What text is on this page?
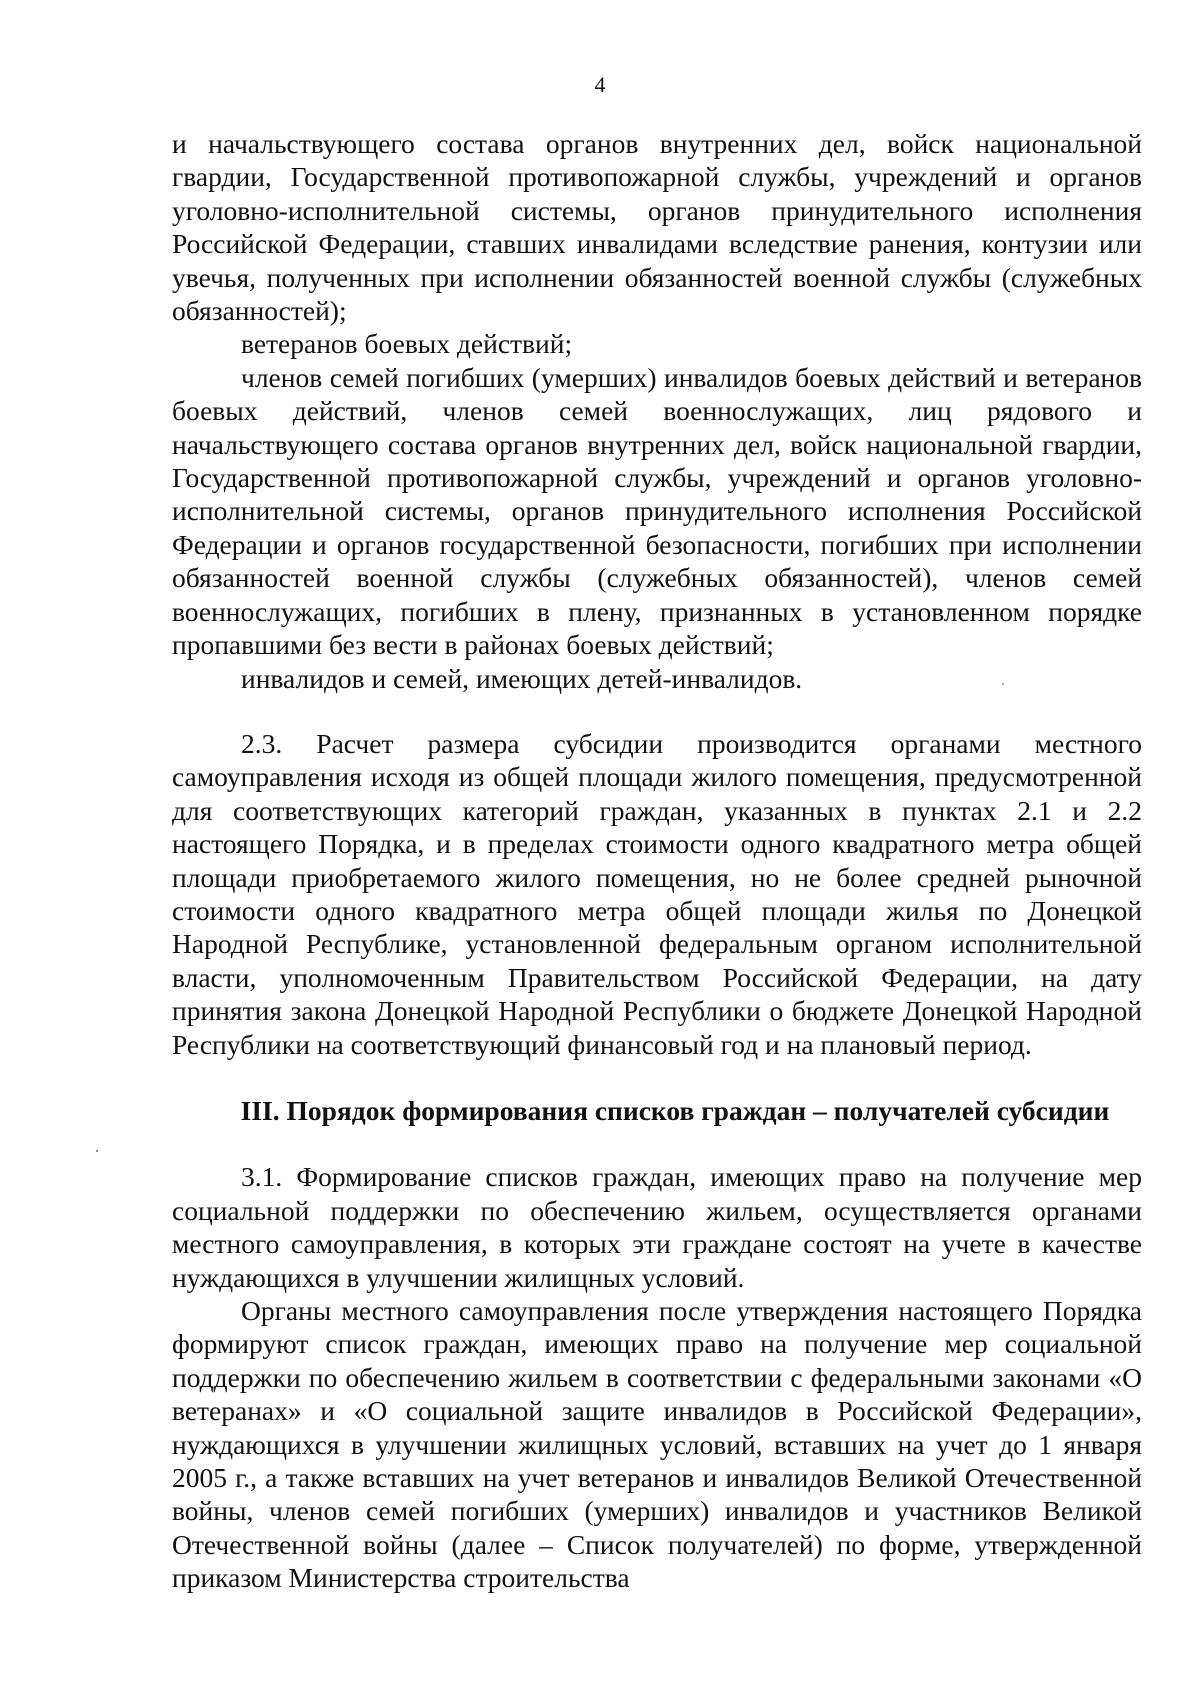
4

и начальствующего состава органов внутренних дел, войск национальной гвардии, Государственной противопожарной службы, учреждений и органов уголовно-исполнительной системы, органов принудительного исполнения Российской Федерации, ставших инвалидами вследствие ранения, контузии или увечья, полученных при исполнении обязанностей военной службы (служебных обязанностей);

ветеранов боевых действий;

членов семей погибших (умерших) инвалидов боевых действий и ветеранов боевых действий, членов семей военнослужащих, лиц рядового и начальствующего состава органов внутренних дел, войск национальной гвардии, Государственной противопожарной службы, учреждений и органов уголовно-исполнительной системы, органов принудительного исполнения Российской Федерации и органов государственной безопасности, погибших при исполнении обязанностей военной службы (служебных обязанностей), членов семей военнослужащих, погибших в плену, признанных в установленном порядке пропавшими без вести в районах боевых действий;

инвалидов и семей, имеющих детей-инвалидов.

2.3. Расчет размера субсидии производится органами местного самоуправления исходя из общей площади жилого помещения, предусмотренной для соответствующих категорий граждан, указанных в пунктах 2.1 и 2.2 настоящего Порядка, и в пределах стоимости одного квадратного метра общей площади приобретаемого жилого помещения, но не более средней рыночной стоимости одного квадратного метра общей площади жилья по Донецкой Народной Республике, установленной федеральным органом исполнительной власти, уполномоченным Правительством Российской Федерации, на дату принятия закона Донецкой Народной Республики о бюджете Донецкой Народной Республики на соответствующий финансовый год и на плановый период.

III. Порядок формирования списков граждан – получателей субсидии

3.1. Формирование списков граждан, имеющих право на получение мер социальной поддержки по обеспечению жильем, осуществляется органами местного самоуправления, в которых эти граждане состоят на учете в качестве нуждающихся в улучшении жилищных условий.

Органы местного самоуправления после утверждения настоящего Порядка формируют список граждан, имеющих право на получение мер социальной поддержки по обеспечению жильем в соответствии с федеральными законами «О ветеранах» и «О социальной защите инвалидов в Российской Федерации», нуждающихся в улучшении жилищных условий, вставших на учет до 1 января 2005 г., а также вставших на учет ветеранов и инвалидов Великой Отечественной войны, членов семей погибших (умерших) инвалидов и участников Великой Отечественной войны (далее – Список получателей) по форме, утвержденной приказом Министерства строительства
